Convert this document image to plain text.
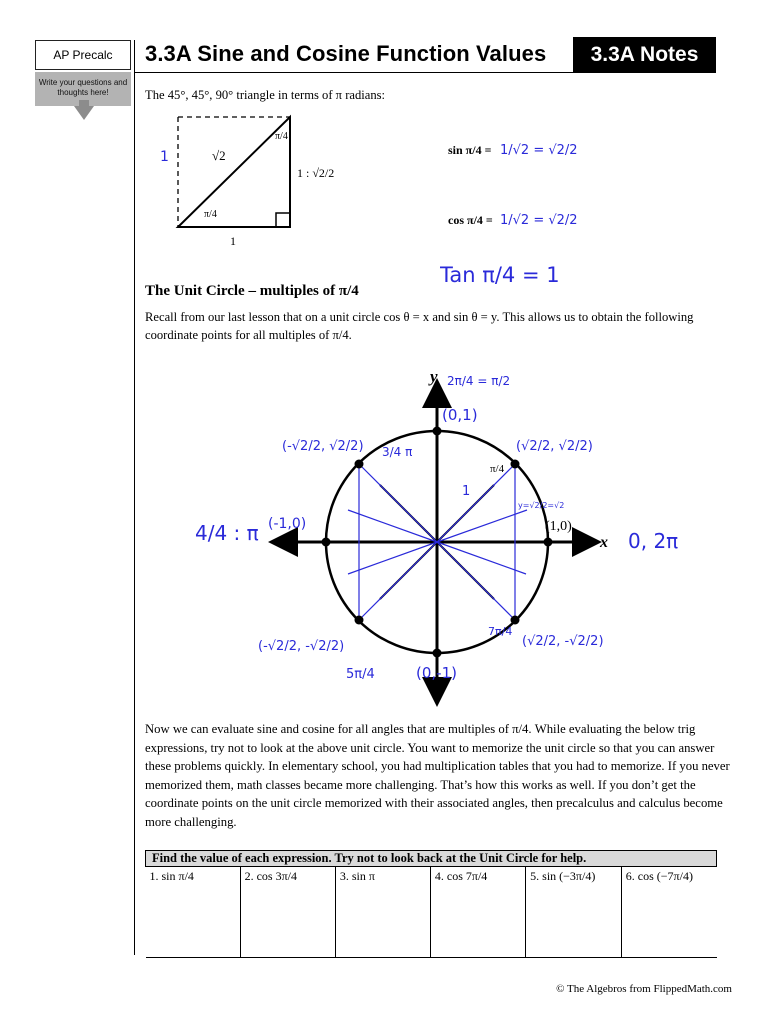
AP Precalc
Write your questions and thoughts here!
3.3A Sine and Cosine Function Values	3.3A Notes
The 45°, 45°, 90° triangle in terms of π radians:
√2
1
π/4
π/4
1 : √2/2
1	sin π/4 = 1/√2 = √2/2
cos π/4 = 1/√2 = √2/2
Tan π/4 = 1
The Unit Circle – multiples of π/4
Recall from our last lesson that on a unit circle cos θ = x and sin θ = y. This allows us to obtain the following coordinate points for all multiples of π/4.
y
x
(1,0)
π/4
2π/4 = π/2
(0,1)
(√2/2, √2/2)
(-√2/2, √2/2) 3/4 π
4/4 : π (-1,0)
0, 2π
(-√2/2, -√2/2)
5π/4	(0,-1)
(√2/2, -√2/2)
7π/4
1
y=√2/2=√2
Now we can evaluate sine and cosine for all angles that are multiples of π/4. While evaluating the below trig expressions, try not to look at the above unit circle. You want to memorize the unit circle so that you can answer these problems quickly. In elementary school, you had multiplication tables that you had to memorize. If you never memorized them, math classes became more challenging. That’s how this works as well. If you don’t get the coordinate points on the unit circle memorized with their associated angles, then precalculus and calculus become more challenging.
Find the value of each expression. Try not to look back at the Unit Circle for help.
1. sin π/4	2. cos 3π/4	3. sin π	4. cos 7π/4	5. sin (−3π/4)	6. cos (−7π/4)
© The Algebros from FlippedMath.com
